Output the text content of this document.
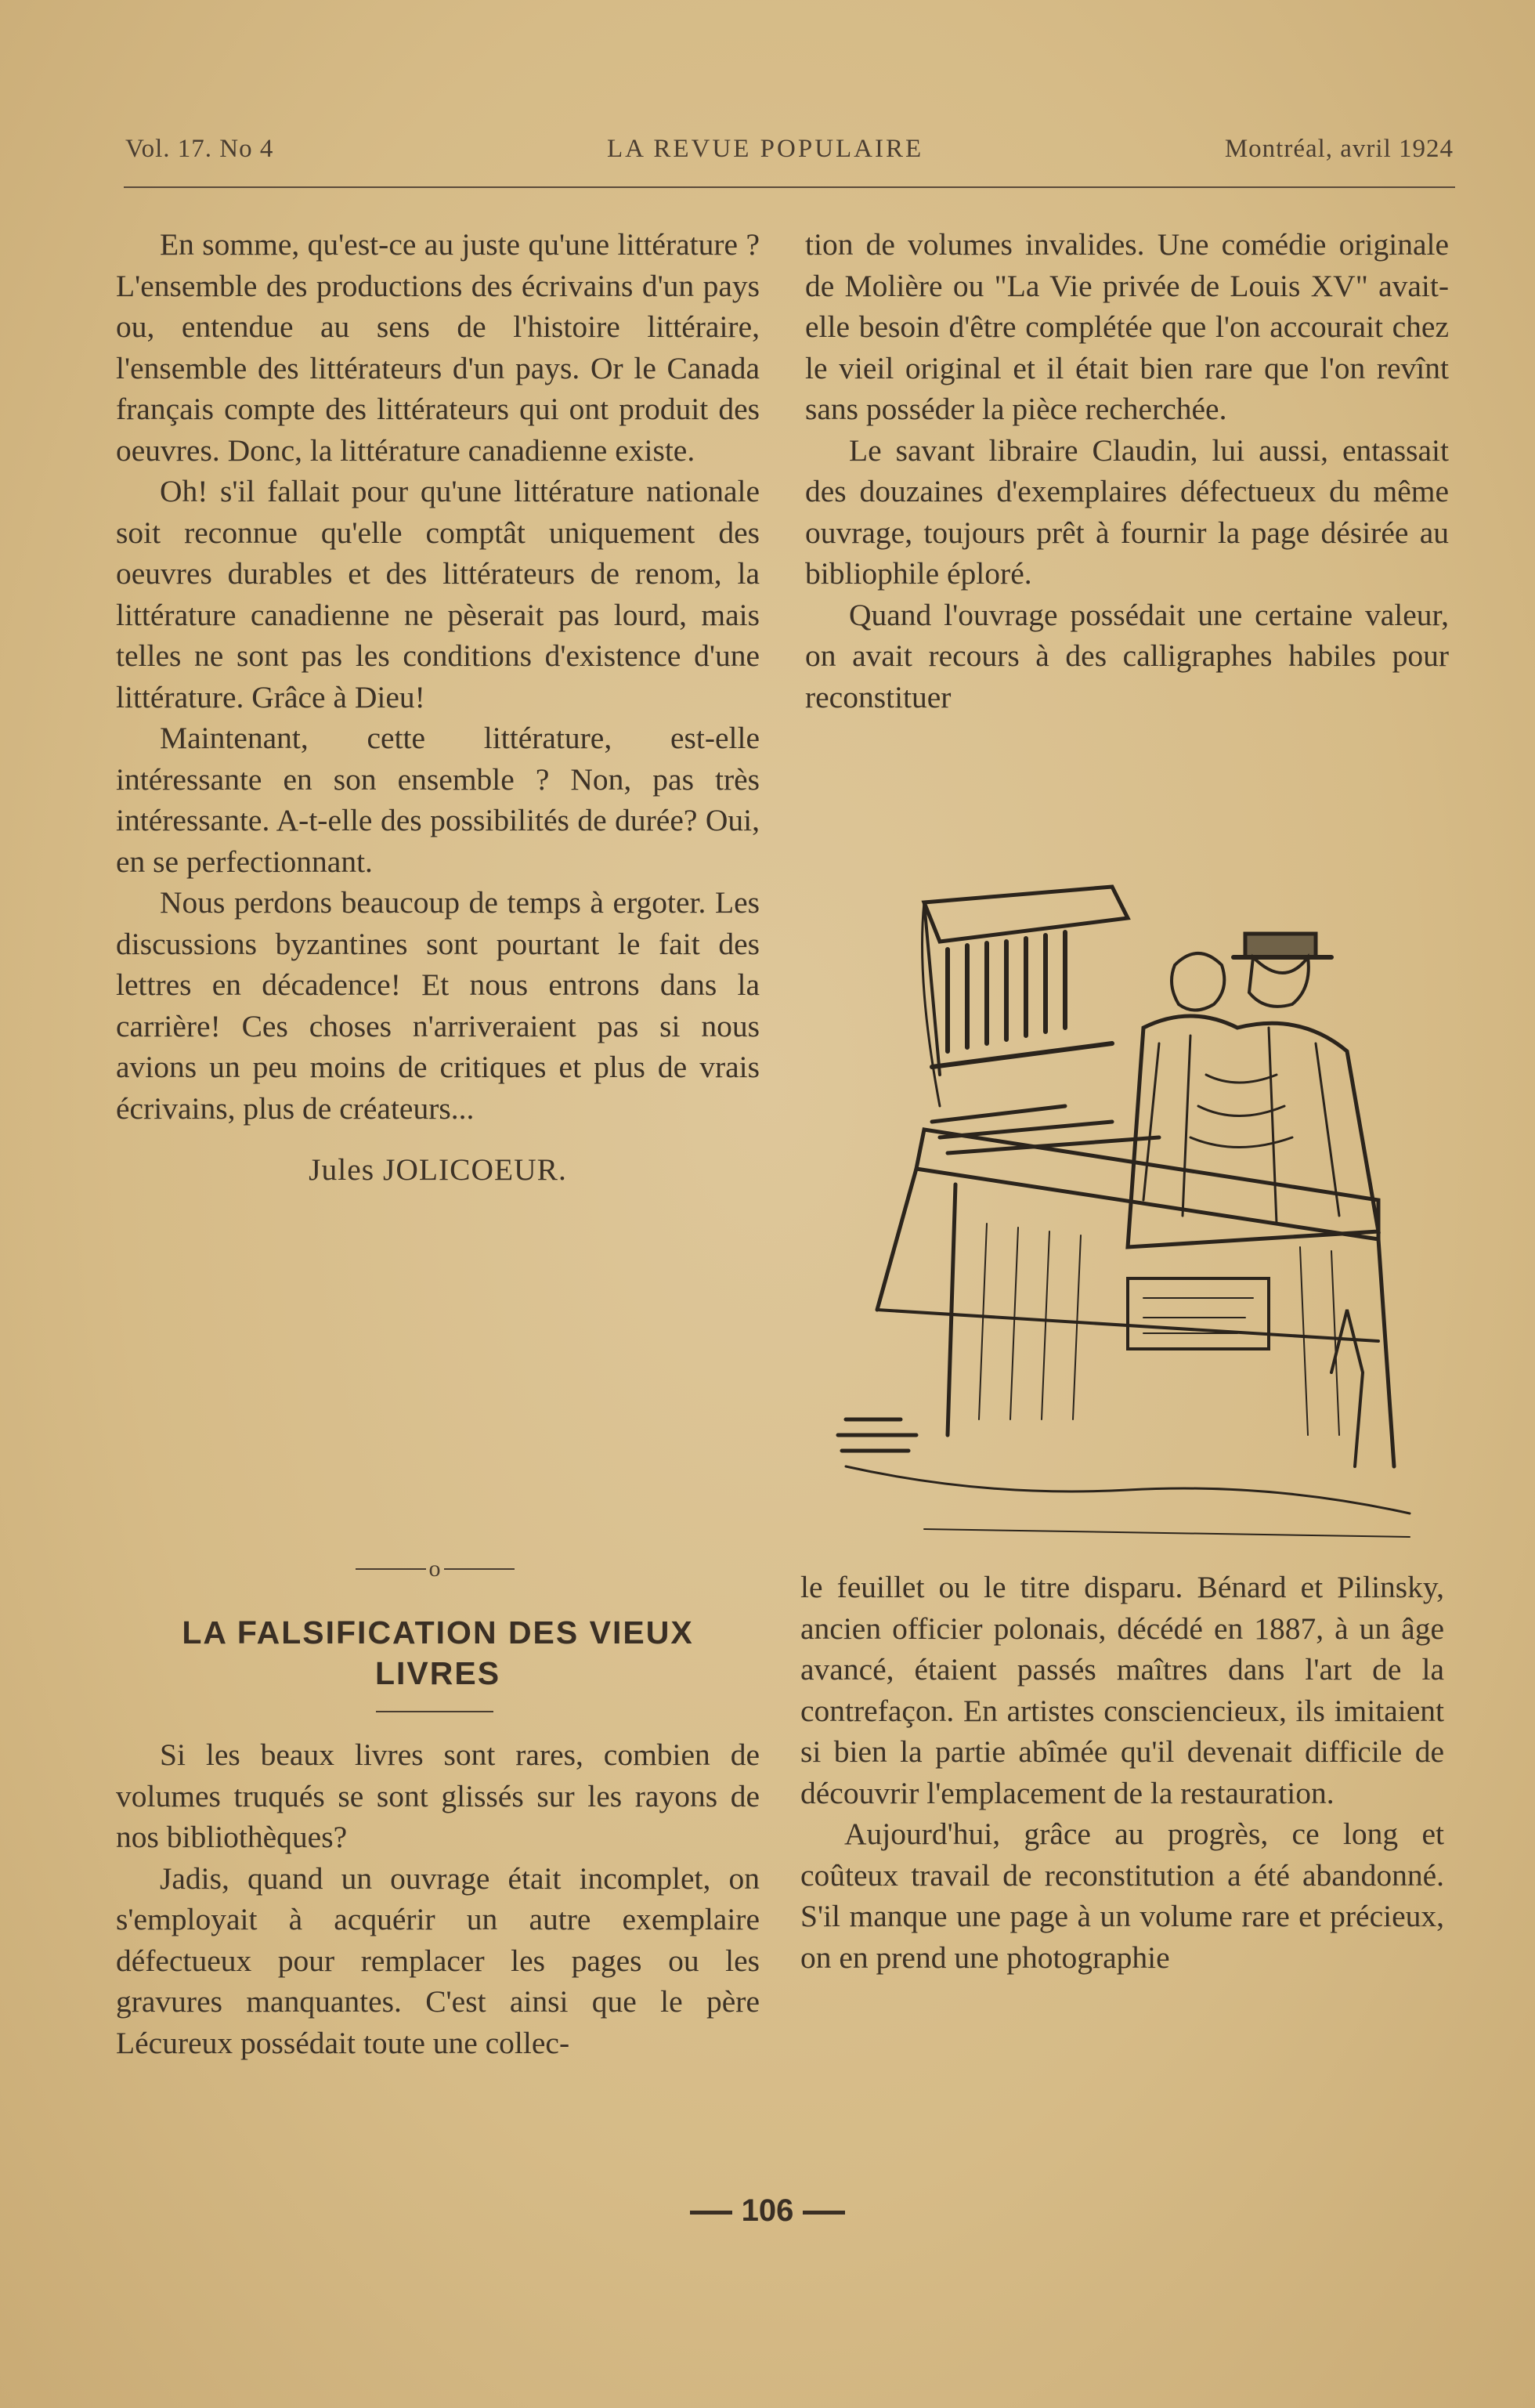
Vol. 17. No 4	LA REVUE POPULAIRE	Montréal, avril 1924

En somme, qu'est-ce au juste qu'une littérature ? L'ensemble des productions des écrivains d'un pays ou, entendue au sens de l'histoire littéraire, l'ensemble des littérateurs d'un pays. Or le Canada français compte des littérateurs qui ont produit des oeuvres. Donc, la littérature canadienne existe.

Oh! s'il fallait pour qu'une littérature nationale soit reconnue qu'elle comptât uniquement des oeuvres durables et des littérateurs de renom, la littérature canadienne ne pèserait pas lourd, mais telles ne sont pas les conditions d'existence d'une littérature. Grâce à Dieu!

Maintenant, cette littérature, est-elle intéressante en son ensemble ? Non, pas très intéressante. A-t-elle des possibilités de durée? Oui, en se perfectionnant.

Nous perdons beaucoup de temps à ergoter. Les discussions byzantines sont pourtant le fait des lettres en décadence! Et nous entrons dans la carrière! Ces choses n'arriveraient pas si nous avions un peu moins de critiques et plus de vrais écrivains, plus de créateurs...

Jules JOLICOEUR.
o
LA FALSIFICATION DES VIEUX LIVRES

Si les beaux livres sont rares, combien de volumes truqués se sont glissés sur les rayons de nos bibliothèques?

Jadis, quand un ouvrage était incomplet, on s'employait à acquérir un autre exemplaire défectueux pour remplacer les pages ou les gravures manquantes. C'est ainsi que le père Lécureux possédait toute une collec-

tion de volumes invalides. Une comédie originale de Molière ou "La Vie privée de Louis XV" avait-elle besoin d'être complétée que l'on accourait chez le vieil original et il était bien rare que l'on revînt sans posséder la pièce recherchée.

Le savant libraire Claudin, lui aussi, entassait des douzaines d'exemplaires défectueux du même ouvrage, toujours prêt à fournir la page désirée au bibliophile éploré.

Quand l'ouvrage possédait une certaine valeur, on avait recours à des calligraphes habiles pour reconstituer

le feuillet ou le titre disparu. Bénard et Pilinsky, ancien officier polonais, décédé en 1887, à un âge avancé, étaient passés maîtres dans l'art de la contrefaçon. En artistes consciencieux, ils imitaient si bien la partie abîmée qu'il devenait difficile de découvrir l'emplacement de la restauration.

Aujourd'hui, grâce au progrès, ce long et coûteux travail de reconstitution a été abandonné. S'il manque une page à un volume rare et précieux, on en prend une photographie

106
